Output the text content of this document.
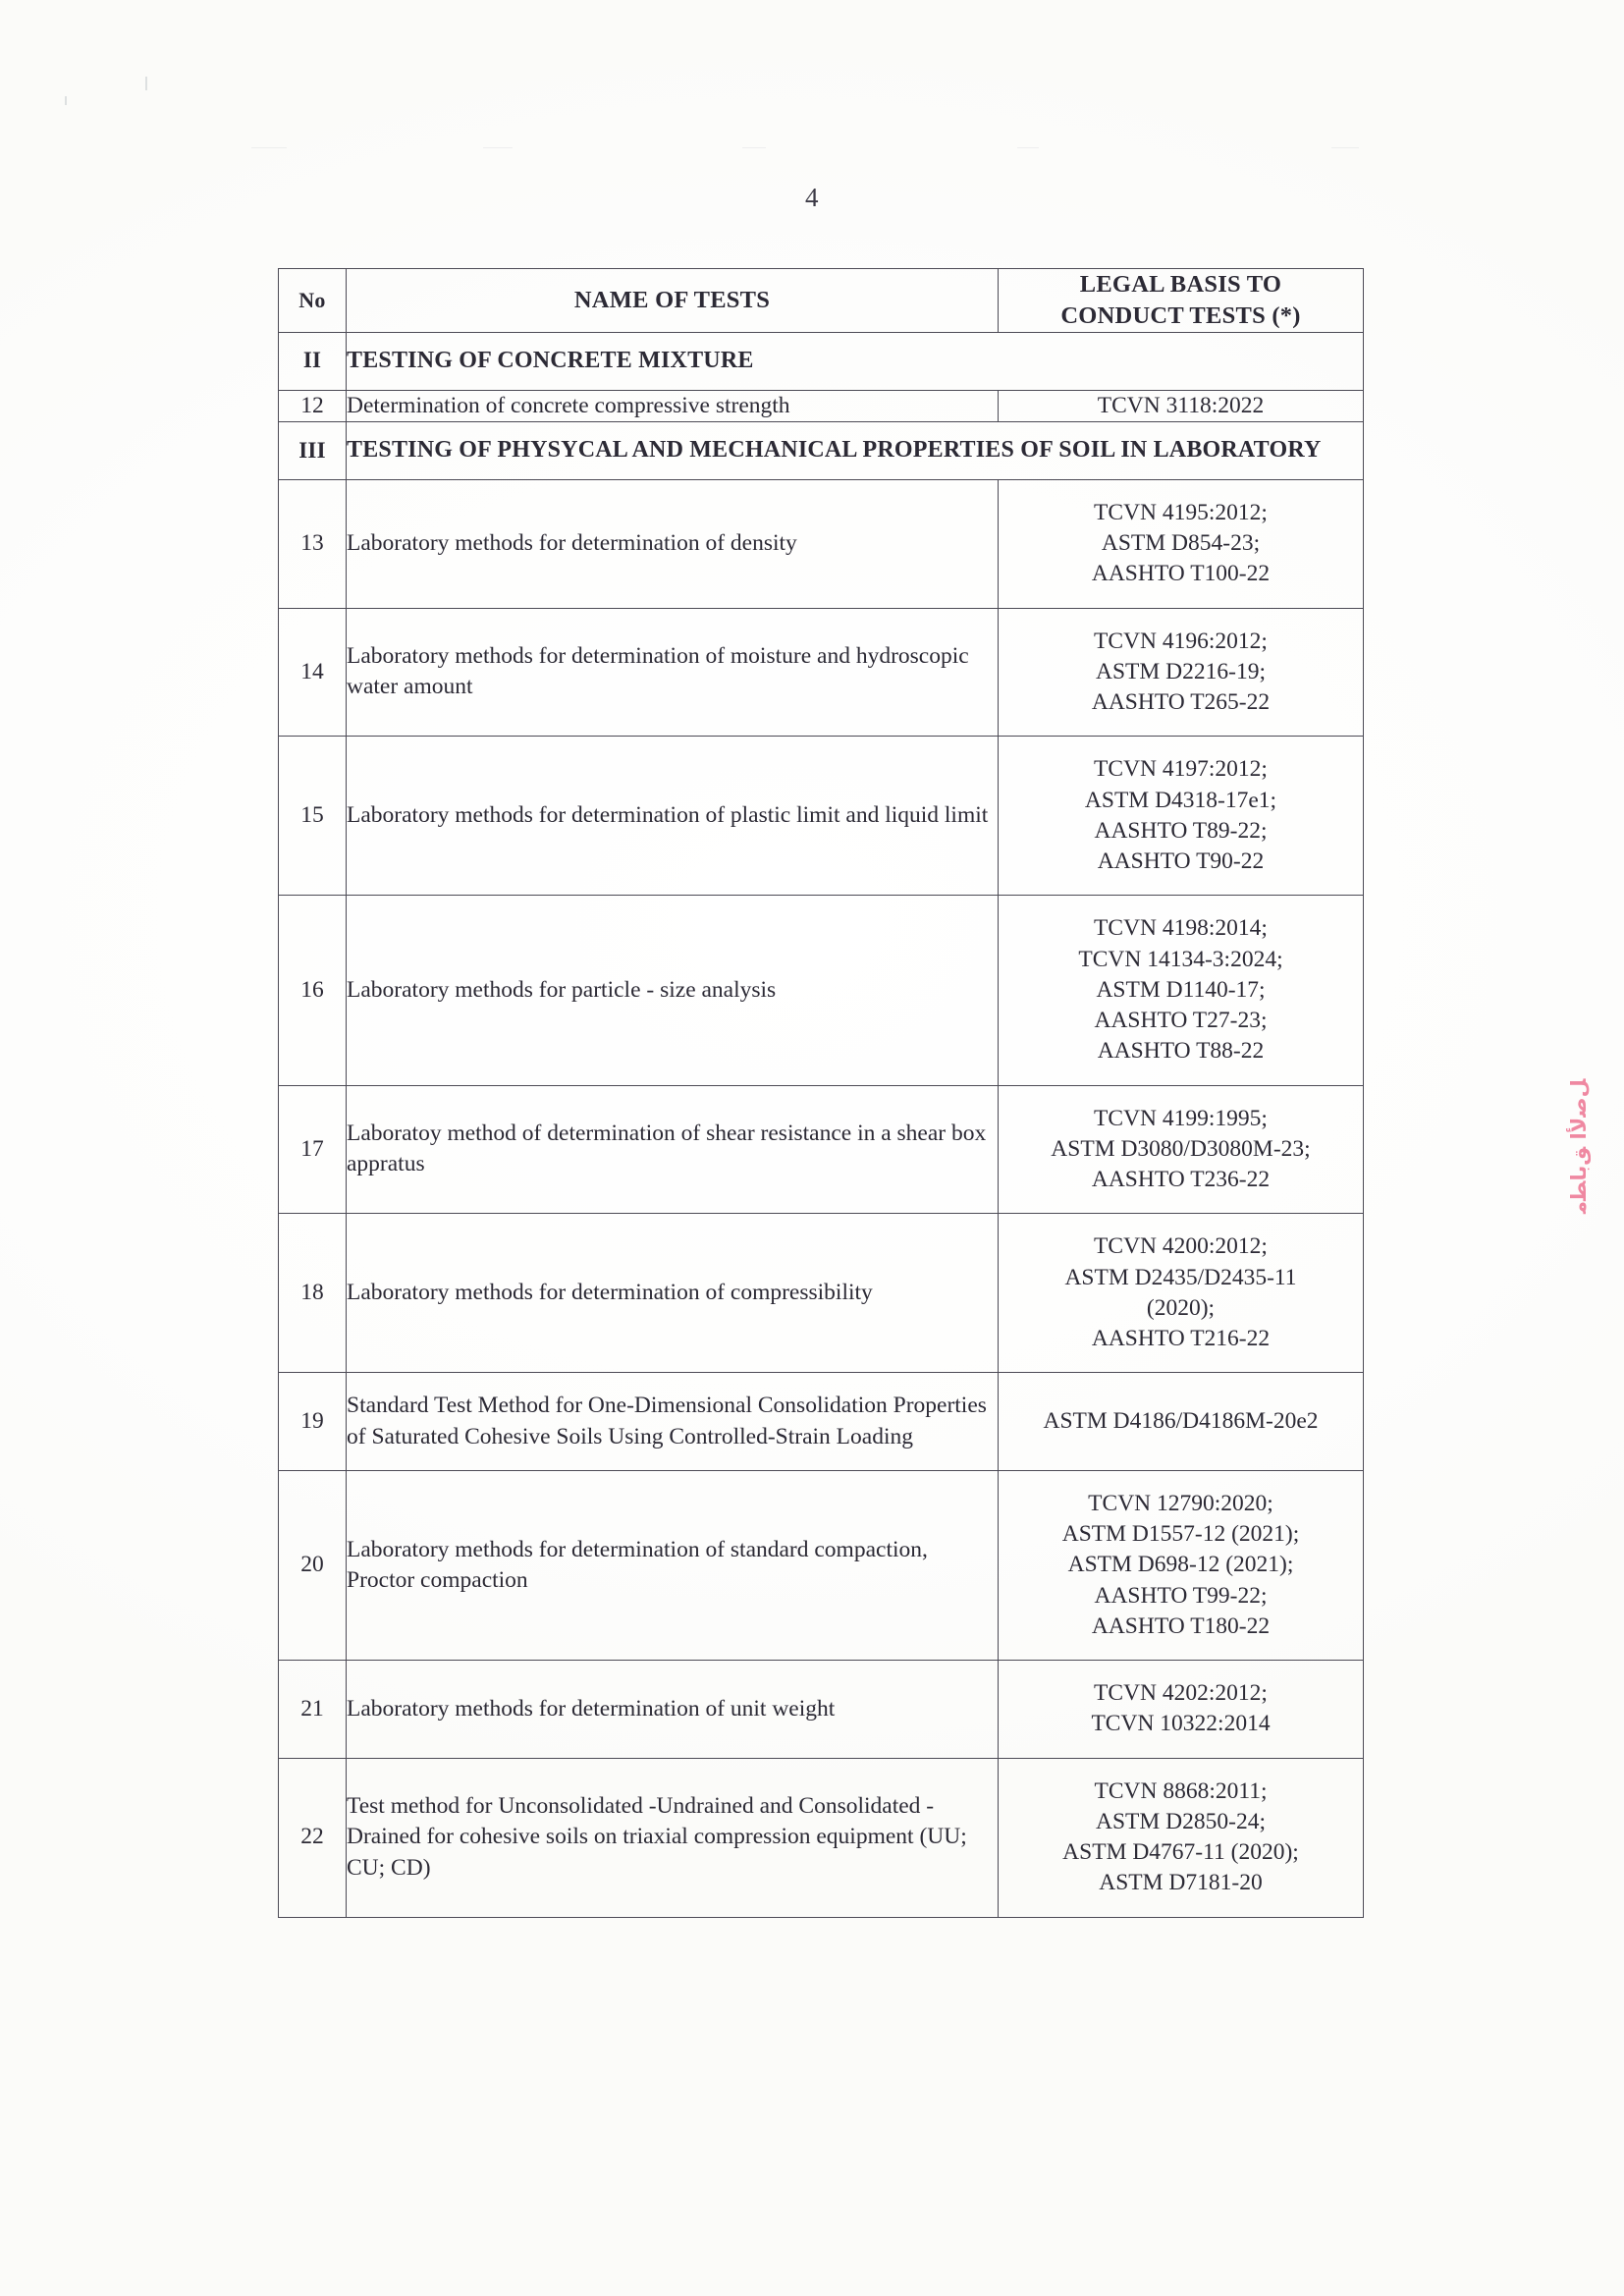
4
No	NAME OF TESTS	LEGAL BASIS TO
CONDUCT TESTS (*)
II	TESTING OF CONCRETE MIXTURE	
12	Determination of concrete compressive strength	TCVN 3118:2022

III	TESTING OF PHYSYCAL AND MECHANICAL PROPERTIES OF SOIL IN LABORATORY	
13	Laboratory methods for determination of density	TCVN 4195:2012;
ASTM D854-23;
AASHTO T100-22

14	Laboratory methods for determination of moisture and hydroscopic water amount	TCVN 4196:2012;
ASTM D2216-19;
AASHTO T265-22

15	Laboratory methods for determination of plastic limit and liquid limit	TCVN 4197:2012;
ASTM D4318-17e1;
AASHTO T89-22;
AASHTO T90-22

16	Laboratory methods for particle - size analysis	TCVN 4198:2014;
TCVN 14134-3:2024;
ASTM D1140-17;
AASHTO T27-23;
AASHTO T88-22

17	Laboratoy method of determination of shear resistance in a shear box appratus	TCVN 4199:1995;
ASTM D3080/D3080M-23;
AASHTO T236-22

18	Laboratory methods for determination of compressibility	TCVN 4200:2012;
ASTM D2435/D2435-11
(2020);
AASHTO T216-22

19	Standard Test Method for One-Dimensional Consolidation Properties of Saturated Cohesive Soils Using Controlled-Strain Loading	ASTM D4186/D4186M-20e2

20	Laboratory methods for determination of standard compaction, Proctor compaction	TCVN 12790:2020;
ASTM D1557-12 (2021);
ASTM D698-12 (2021);
AASHTO T99-22;
AASHTO T180-22

21	Laboratory methods for determination of unit weight	TCVN 4202:2012;
TCVN 10322:2014

22	Test method for Unconsolidated -Undrained and Consolidated -Drained for cohesive soils on triaxial compression equipment (UU; CU; CD)	TCVN 8868:2011;
ASTM D2850-24;
ASTM D4767-11 (2020);
ASTM D7181-20
ﻞﺻﻷا ﻖﺑﺎﻄﻣ
